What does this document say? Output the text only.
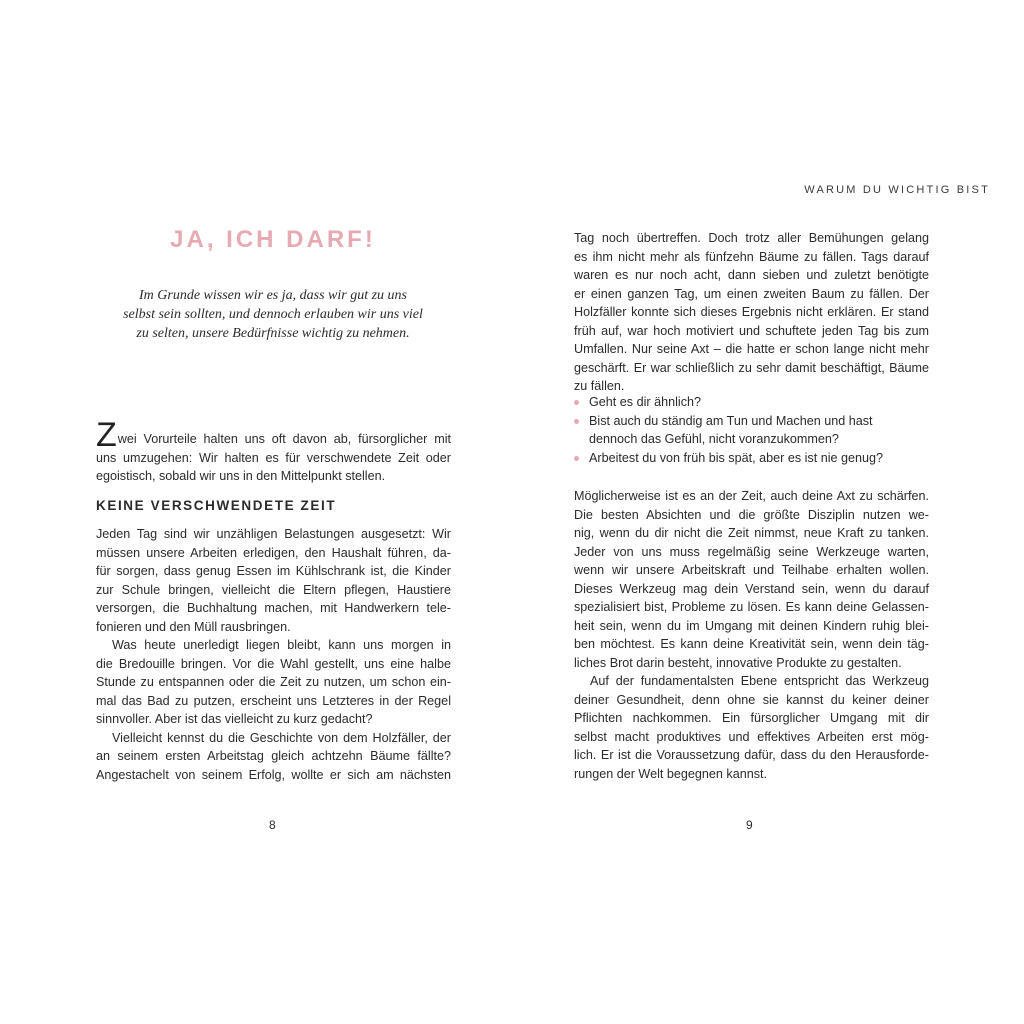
JA, ICH DARF!
Im Grunde wissen wir es ja, dass wir gut zu uns
selbst sein sollten, und dennoch erlauben wir uns viel
zu selten, unsere Bedürfnisse wichtig zu nehmen.
Zwei Vorurteile halten uns oft davon ab, fürsorglicher mit
uns umzugehen: Wir halten es für verschwendete Zeit oder
egoistisch, sobald wir uns in den Mittelpunkt stellen.
KEINE VERSCHWENDETE ZEIT
Jeden Tag sind wir unzähligen Belastungen ausgesetzt: Wir
müssen unsere Arbeiten erledigen, den Haushalt führen, da-
für sorgen, dass genug Essen im Kühlschrank ist, die Kinder
zur Schule bringen, vielleicht die Eltern pflegen, Haustiere
versorgen, die Buchhaltung machen, mit Handwerkern tele-
fonieren und den Müll rausbringen.
Was heute unerledigt liegen bleibt, kann uns morgen in
die Bredouille bringen. Vor die Wahl gestellt, uns eine halbe
Stunde zu entspannen oder die Zeit zu nutzen, um schon ein-
mal das Bad zu putzen, erscheint uns Letzteres in der Regel
sinnvoller. Aber ist das vielleicht zu kurz gedacht?
Vielleicht kennst du die Geschichte von dem Holzfäller, der
an seinem ersten Arbeitstag gleich achtzehn Bäume fällte?
Angestachelt von seinem Erfolg, wollte er sich am nächsten
8
WARUM DU WICHTIG BIST
Tag noch übertreffen. Doch trotz aller Bemühungen gelang
es ihm nicht mehr als fünfzehn Bäume zu fällen. Tags darauf
waren es nur noch acht, dann sieben und zuletzt benötigte
er einen ganzen Tag, um einen zweiten Baum zu fällen. Der
Holzfäller konnte sich dieses Ergebnis nicht erklären. Er stand
früh auf, war hoch motiviert und schuftete jeden Tag bis zum
Umfallen. Nur seine Axt – die hatte er schon lange nicht mehr
geschärft. Er war schließlich zu sehr damit beschäftigt, Bäume
zu fällen.
Geht es dir ähnlich?
Bist auch du ständig am Tun und Machen und hast
dennoch das Gefühl, nicht voranzukommen?
Arbeitest du von früh bis spät, aber es ist nie genug?
Möglicherweise ist es an der Zeit, auch deine Axt zu schärfen.
Die besten Absichten und die größte Disziplin nutzen we-
nig, wenn du dir nicht die Zeit nimmst, neue Kraft zu tanken.
Jeder von uns muss regelmäßig seine Werkzeuge warten,
wenn wir unsere Arbeitskraft und Teilhabe erhalten wollen.
Dieses Werkzeug mag dein Verstand sein, wenn du darauf
spezialisiert bist, Probleme zu lösen. Es kann deine Gelassen-
heit sein, wenn du im Umgang mit deinen Kindern ruhig blei-
ben möchtest. Es kann deine Kreativität sein, wenn dein täg-
liches Brot darin besteht, innovative Produkte zu gestalten.
Auf der fundamentalsten Ebene entspricht das Werkzeug
deiner Gesundheit, denn ohne sie kannst du keiner deiner
Pflichten nachkommen. Ein fürsorglicher Umgang mit dir
selbst macht produktives und effektives Arbeiten erst mög-
lich. Er ist die Voraussetzung dafür, dass du den Herausforde-
rungen der Welt begegnen kannst.
9
